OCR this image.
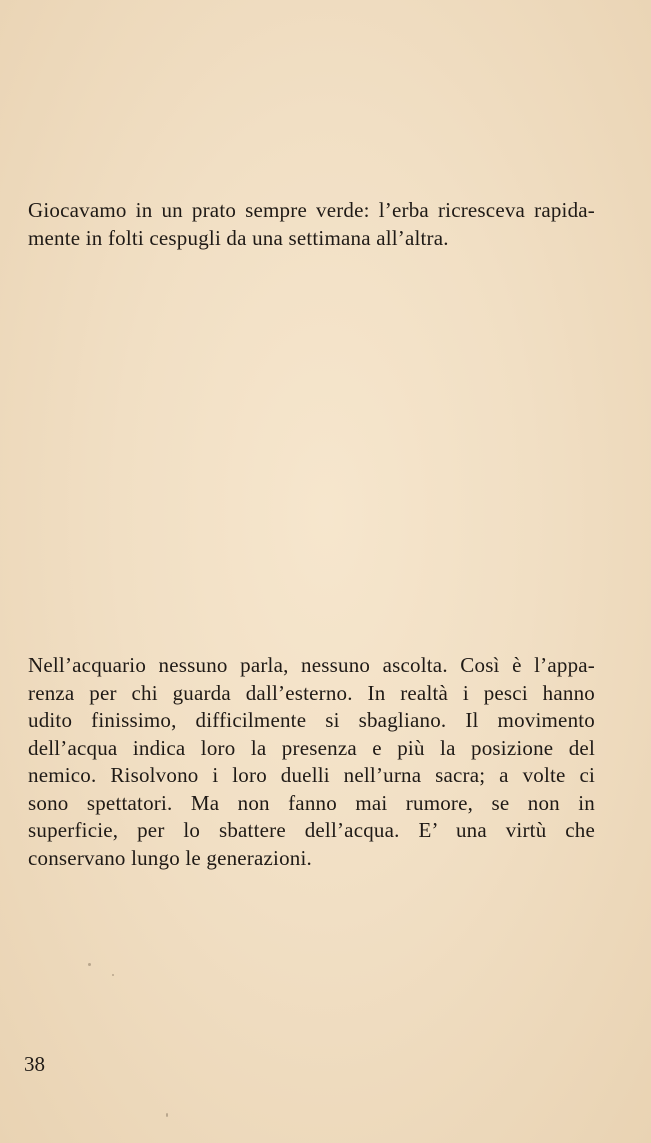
Giocavamo in un prato sempre verde: l’erba ricresceva rapida-
mente in folti cespugli da una settimana all’altra.
Nell’acquario nessuno parla, nessuno ascolta. Così è l’appa-
renza per chi guarda dall’esterno. In realtà i pesci hanno
udito finissimo, difficilmente si sbagliano. Il movimento
dell’acqua indica loro la presenza e più la posizione del
nemico. Risolvono i loro duelli nell’urna sacra; a volte ci
sono spettatori. Ma non fanno mai rumore, se non in
superficie, per lo sbattere dell’acqua. E’ una virtù che
conservano lungo le generazioni.
38
